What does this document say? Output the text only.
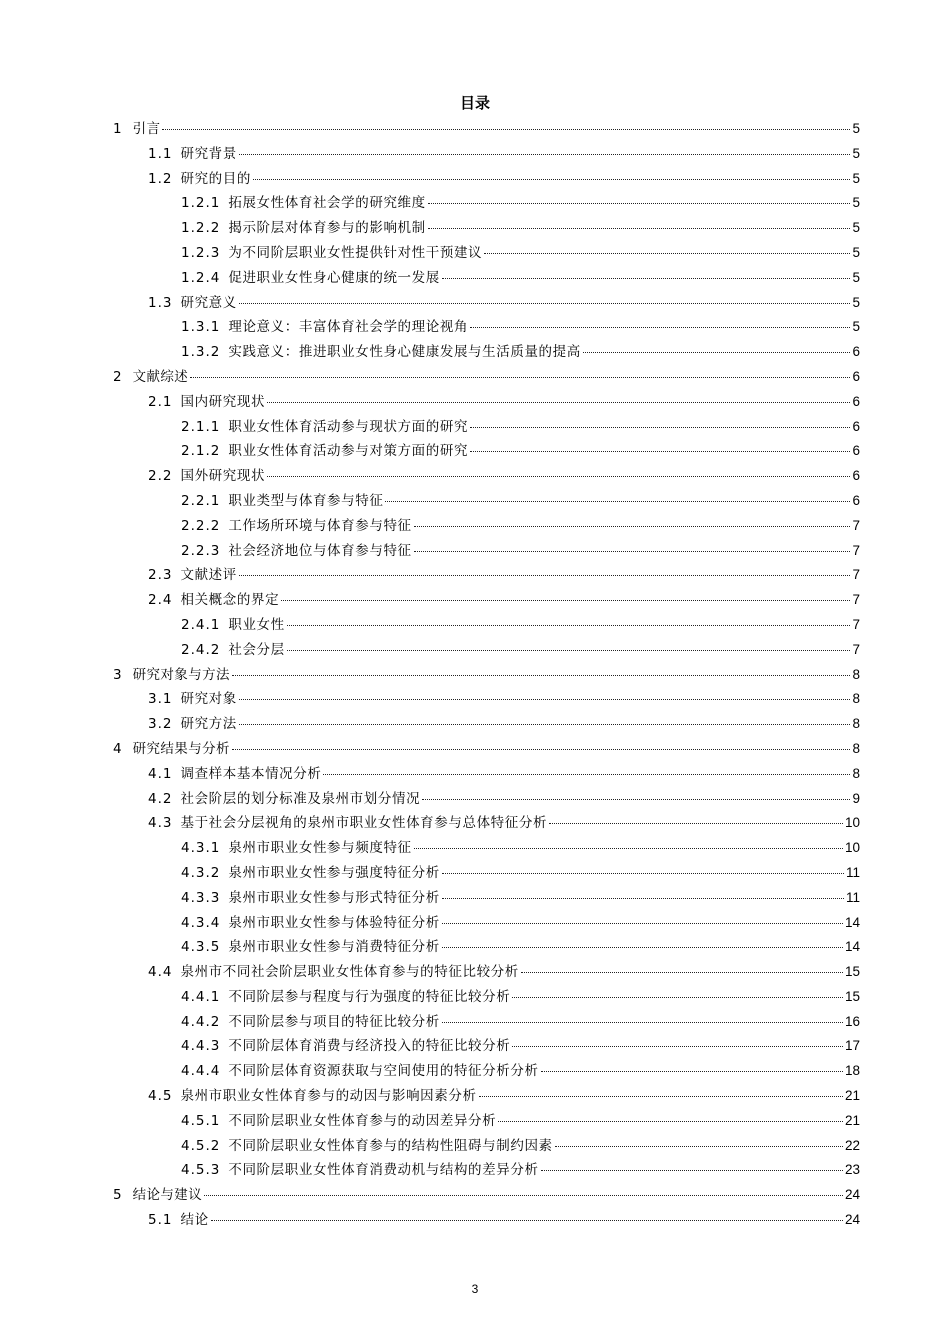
目录
1 引言	5
1.1 研究背景	5
1.2 研究的目的	5
1.2.1 拓展女性体育社会学的研究维度	5
1.2.2 揭示阶层对体育参与的影响机制	5
1.2.3 为不同阶层职业女性提供针对性干预建议	5
1.2.4 促进职业女性身心健康的统一发展	5
1.3 研究意义	5
1.3.1 理论意义：丰富体育社会学的理论视角	5
1.3.2 实践意义：推进职业女性身心健康发展与生活质量的提高	6
2 文献综述	6
2.1 国内研究现状	6
2.1.1 职业女性体育活动参与现状方面的研究	6
2.1.2 职业女性体育活动参与对策方面的研究	6
2.2 国外研究现状	6
2.2.1 职业类型与体育参与特征	6
2.2.2 工作场所环境与体育参与特征	7
2.2.3 社会经济地位与体育参与特征	7
2.3 文献述评	7
2.4 相关概念的界定	7
2.4.1 职业女性	7
2.4.2 社会分层	7
3 研究对象与方法	8
3.1 研究对象	8
3.2 研究方法	8
4 研究结果与分析	8
4.1 调查样本基本情况分析	8
4.2 社会阶层的划分标准及泉州市划分情况	9
4.3 基于社会分层视角的泉州市职业女性体育参与总体特征分析	10
4.3.1 泉州市职业女性参与频度特征	10
4.3.2 泉州市职业女性参与强度特征分析	11
4.3.3 泉州市职业女性参与形式特征分析	11
4.3.4 泉州市职业女性参与体验特征分析	14
4.3.5 泉州市职业女性参与消费特征分析	14
4.4 泉州市不同社会阶层职业女性体育参与的特征比较分析	15
4.4.1 不同阶层参与程度与行为强度的特征比较分析	15
4.4.2 不同阶层参与项目的特征比较分析	16
4.4.3 不同阶层体育消费与经济投入的特征比较分析	17
4.4.4 不同阶层体育资源获取与空间使用的特征分析分析	18
4.5 泉州市职业女性体育参与的动因与影响因素分析	21
4.5.1 不同阶层职业女性体育参与的动因差异分析	21
4.5.2 不同阶层职业女性体育参与的结构性阻碍与制约因素	22
4.5.3 不同阶层职业女性体育消费动机与结构的差异分析	23
5 结论与建议	24
5.1 结论	24
3
